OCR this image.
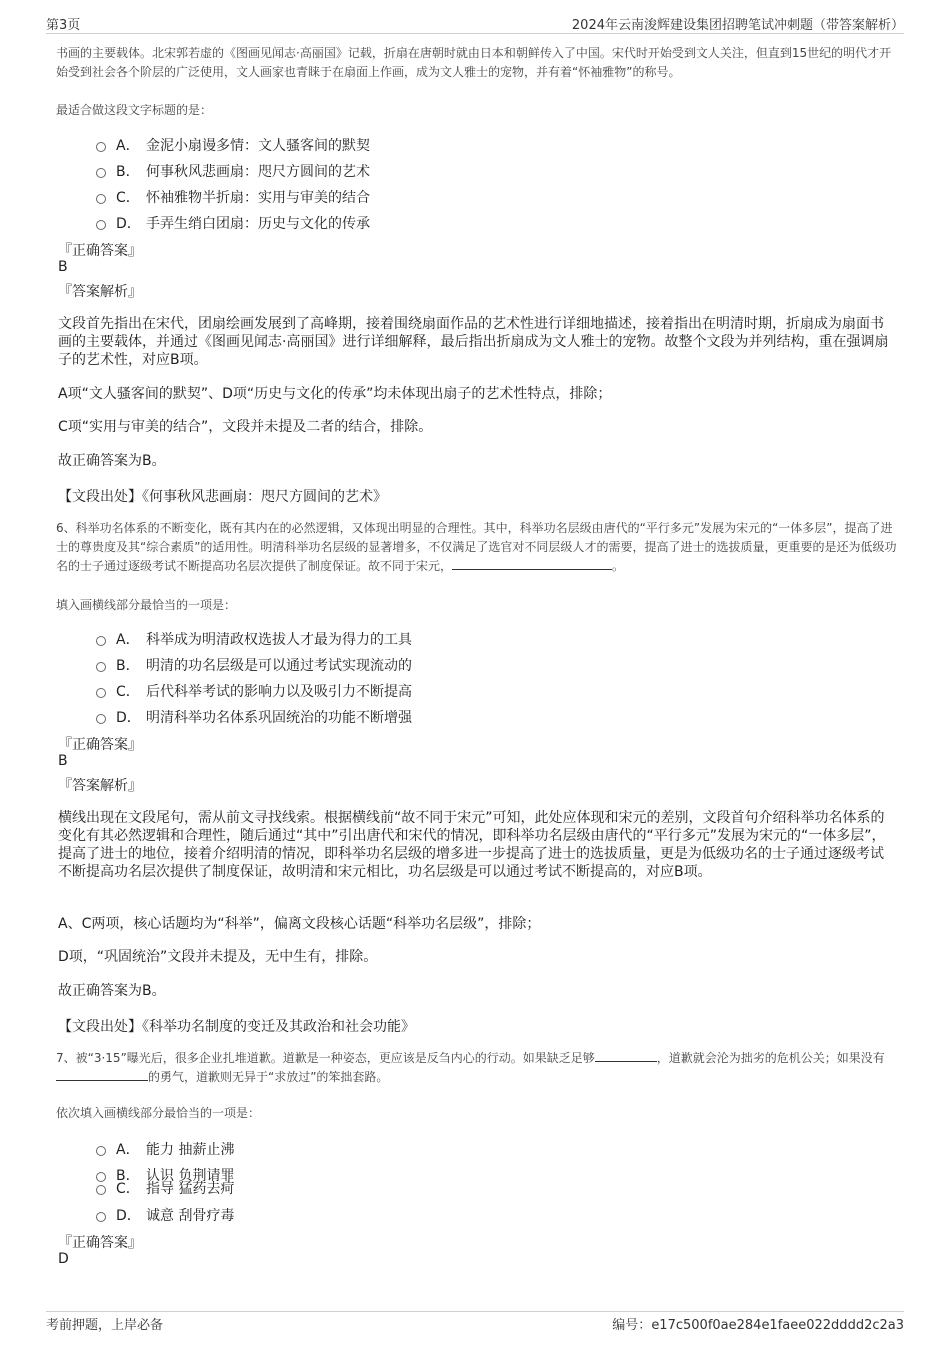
第3页	2024年云南浚辉建设集团招聘笔试冲刺题（带答案解析）
书画的主要载体。北宋郭若虚的《图画见闻志·高丽国》记载，折扇在唐朝时就由日本和朝鲜传入了中国。宋代时开始受到文人关注，但直到15世纪的明代才开始受到社会各个阶层的广泛使用，文人画家也青睐于在扇面上作画，成为文人雅士的宠物，并有着“怀袖雅物”的称号。
最适合做这段文字标题的是：
A． 金泥小扇谩多情：文人骚客间的默契
B． 何事秋风悲画扇：咫尺方圆间的艺术
C． 怀袖雅物半折扇：实用与审美的结合
D． 手弄生绡白团扇：历史与文化的传承
『正确答案』
B
『答案解析』
文段首先指出在宋代，团扇绘画发展到了高峰期，接着围绕扇面作品的艺术性进行详细地描述，接着指出在明清时期，折扇成为扇面书画的主要载体，并通过《图画见闻志·高丽国》进行详细解释，最后指出折扇成为文人雅士的宠物。故整个文段为并列结构，重在强调扇子的艺术性，对应B项。
A项“文人骚客间的默契”、D项“历史与文化的传承”均未体现出扇子的艺术性特点，排除；
C项“实用与审美的结合”，文段并未提及二者的结合，排除。
故正确答案为B。
【文段出处】《何事秋风悲画扇：咫尺方圆间的艺术》
6、科举功名体系的不断变化，既有其内在的必然逻辑，又体现出明显的合理性。其中，科举功名层级由唐代的“平行多元”发展为宋元的“一体多层”，提高了进士的尊贵度及其“综合素质”的适用性。明清科举功名层级的显著增多，不仅满足了选官对不同层级人才的需要，提高了进士的选拔质量，更重要的是还为低级功名的士子通过逐级考试不断提高功名层次提供了制度保证。故不同于宋元，	。
填入画横线部分最恰当的一项是：
A． 科举成为明清政权选拔人才最为得力的工具
B． 明清的功名层级是可以通过考试实现流动的
C． 后代科举考试的影响力以及吸引力不断提高
D． 明清科举功名体系巩固统治的功能不断增强
『正确答案』
B
『答案解析』
横线出现在文段尾句，需从前文寻找线索。根据横线前“故不同于宋元”可知，此处应体现和宋元的差别，文段首句介绍科举功名体系的变化有其必然逻辑和合理性，随后通过“其中”引出唐代和宋代的情况，即科举功名层级由唐代的“平行多元”发展为宋元的“一体多层”，提高了进士的地位，接着介绍明清的情况，即科举功名层级的增多进一步提高了进士的选拔质量，更是为低级功名的士子通过逐级考试不断提高功名层次提供了制度保证，故明清和宋元相比，功名层级是可以通过考试不断提高的，对应B项。
A、C两项，核心话题均为“科举”，偏离文段核心话题“科举功名层级”，排除；
D项，“巩固统治”文段并未提及，无中生有，排除。
故正确答案为B。
【文段出处】《科举功名制度的变迁及其政治和社会功能》
7、被“3·15”曝光后，很多企业扎堆道歉。道歉是一种姿态，更应该是反刍内心的行动。如果缺乏足够	，道歉就会沦为拙劣的危机公关；如果没有的勇气，道歉则无异于“求放过”的笨拙套路。
依次填入画横线部分最恰当的一项是：
A． 能力 抽薪止沸
B． 认识 负荆请罪
C． 指导 猛药去疴
D． 诚意 刮骨疗毒
『正确答案』
D
考前押题，上岸必备	编号：e17c500f0ae284e1faee022dddd2c2a3
